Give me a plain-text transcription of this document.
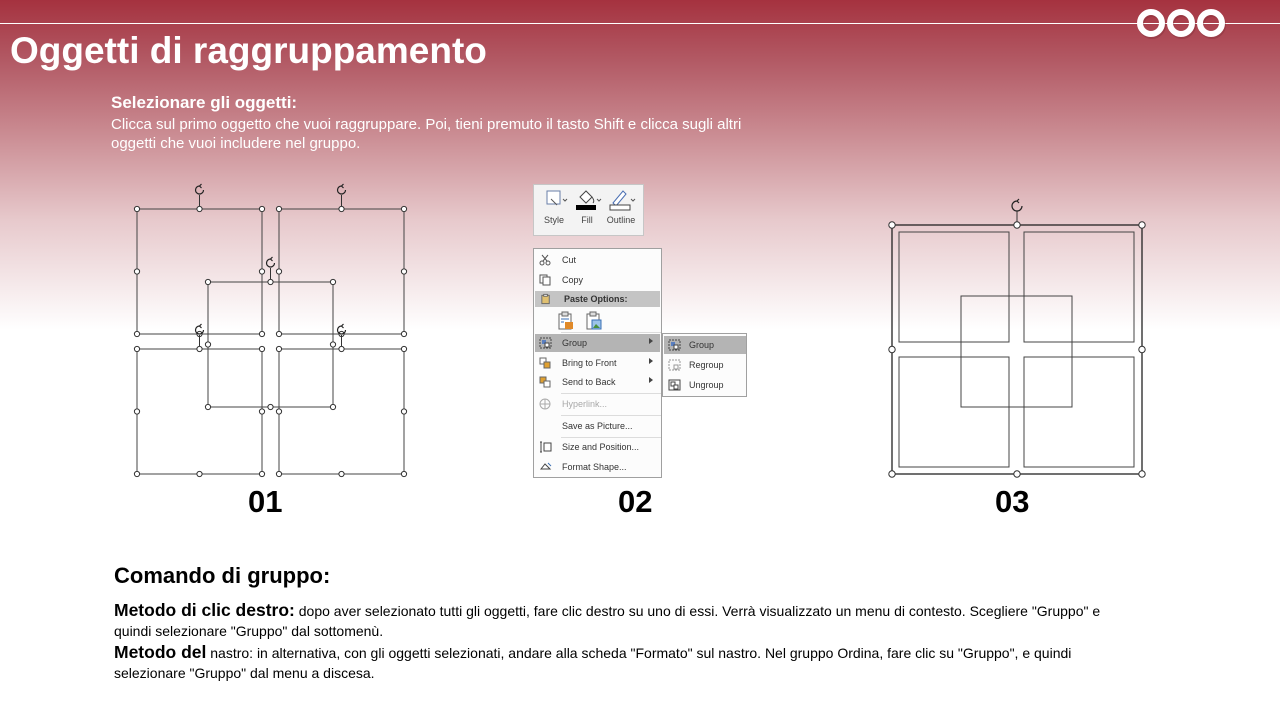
Oggetti di raggruppamento
Selezionare gli oggetti:
Clicca sul primo oggetto che vuoi raggruppare. Poi, tieni premuto il tasto Shift e clicca sugli altri oggetti che vuoi includere nel gruppo.
01	02	03
Style	Fill	Outline
Cut
Copy
Paste Options:
Group
Bring to Front
Send to Back
Hyperlink...
Save as Picture...
Size and Position...
Format Shape...
Group
Regroup
Ungroup
Comando di gruppo:
Metodo di clic destro: dopo aver selezionato tutti gli oggetti, fare clic destro su uno di essi. Verrà visualizzato un menu di contesto. Scegliere "Gruppo" e quindi selezionare "Gruppo" dal sottomenù.
Metodo del nastro: in alternativa, con gli oggetti selezionati, andare alla scheda "Formato" sul nastro. Nel gruppo Ordina, fare clic su "Gruppo", e quindi selezionare "Gruppo" dal menu a discesa.
